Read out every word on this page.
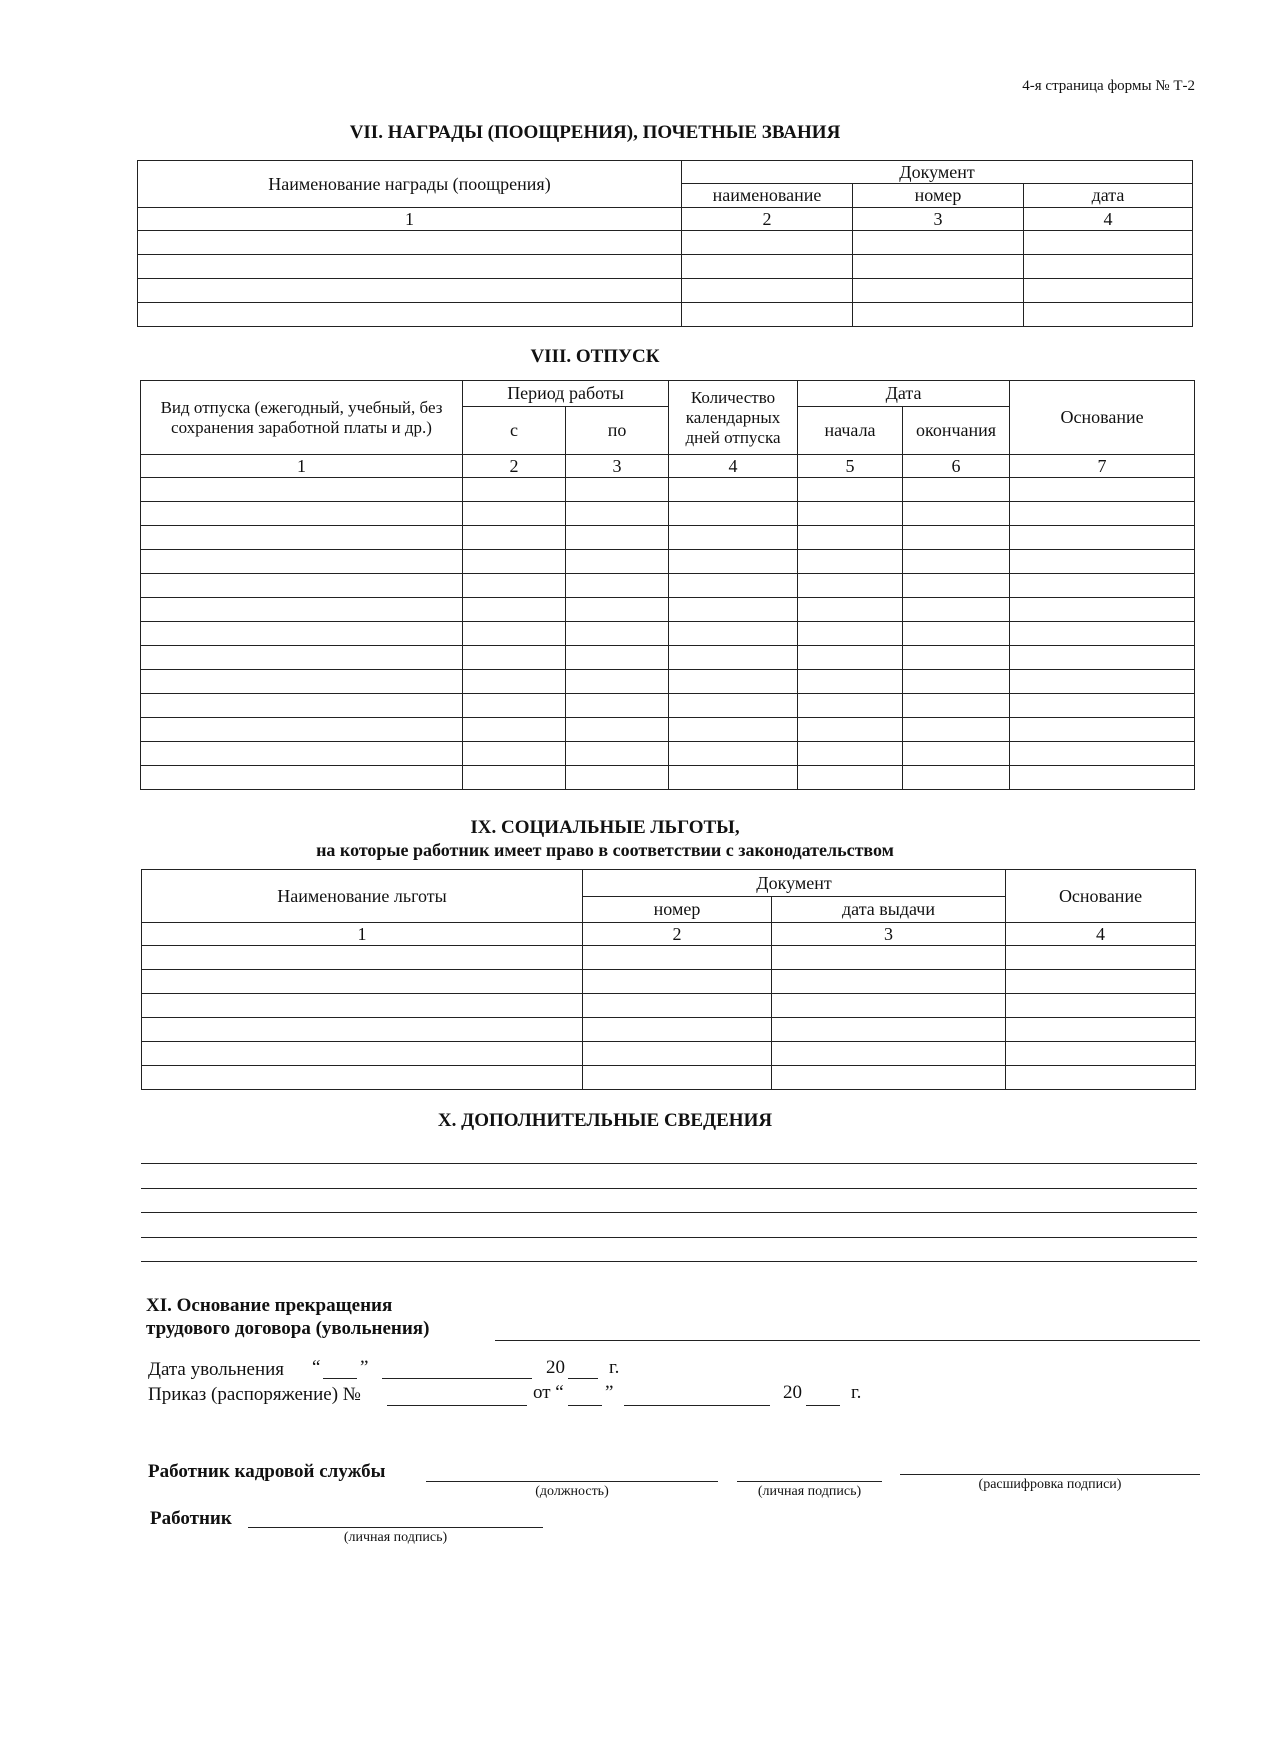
4-я страница формы № Т-2
VII. НАГРАДЫ (ПООЩРЕНИЯ), ПОЧЕТНЫЕ ЗВАНИЯ
Наименование награды (поощрения)	Документ		
	наименование	номер	дата
1	2	3	4

VIII. ОТПУСК
Вид отпуска (ежегодный, учебный, без сохранения заработной платы и др.)	Период работы		Количество календарных дней отпуска	Дата		Основание
	с	по		начала	окончания	
1	2	3	4	5	6	7

IX. СОЦИАЛЬНЫЕ ЛЬГОТЫ,
на которые работник имеет право в соответствии с законодательством
Наименование льготы	Документ		Основание
	номер	дата выдачи	
1	2	3	4

X. ДОПОЛНИТЕЛЬНЫЕ СВЕДЕНИЯ
XI. Основание прекращения
трудового договора (увольнения)
Дата увольнения “ ”	20 г.
Приказ (распоряжение) №	от “ ”	20	г.
Работник кадровой службы
(должность)	(личная подпись)	(расшифровка подписи)
Работник
(личная подпись)
